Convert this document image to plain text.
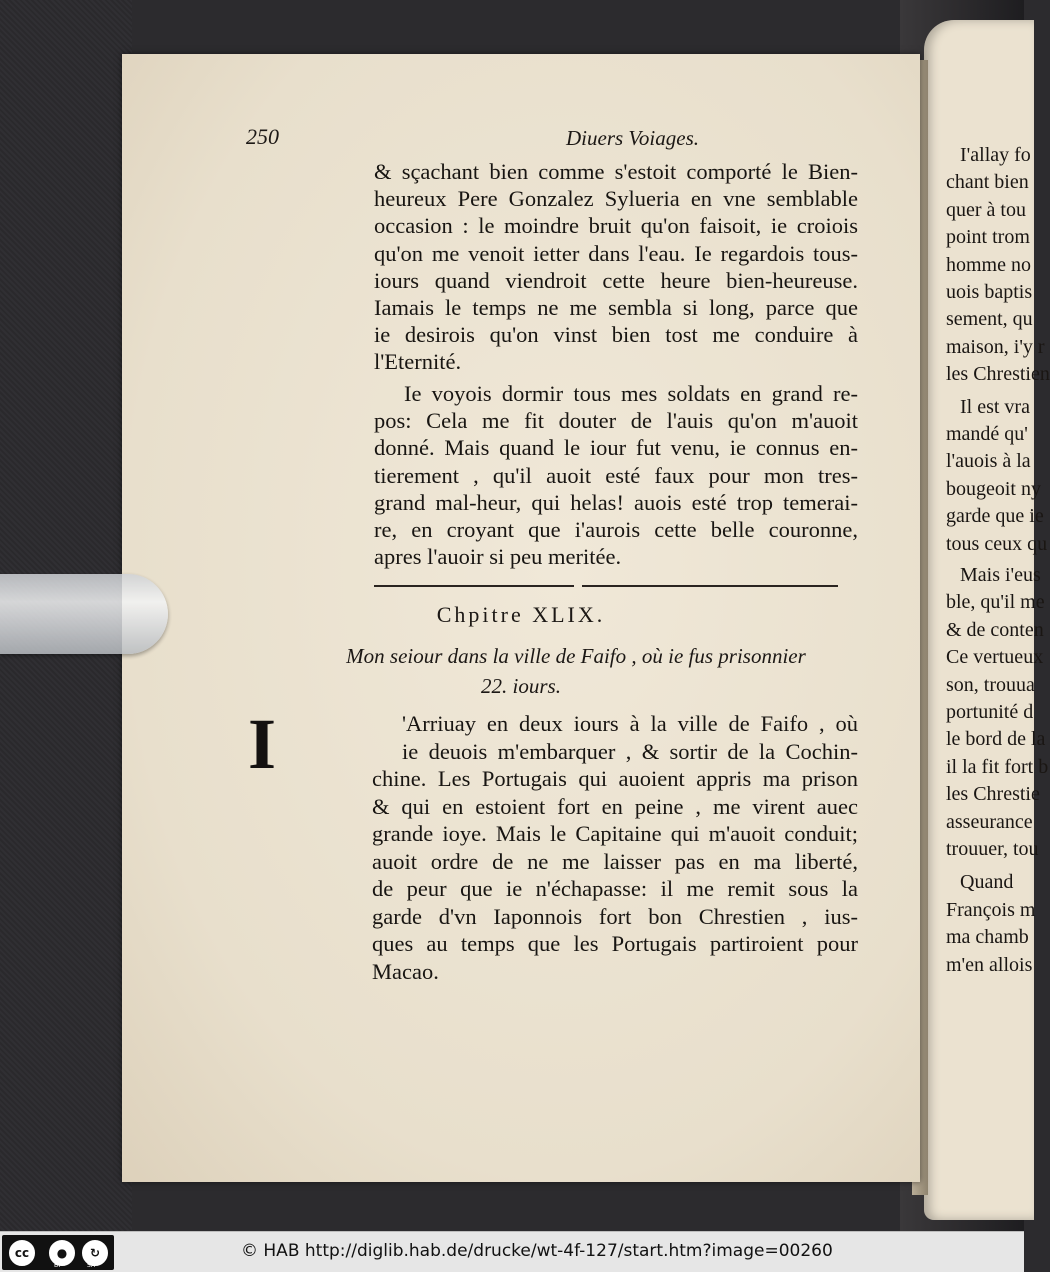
I'allay fo
chant bien
quer à tou
point trom
homme no
uois baptis
sement, qu
maison, i'y r
les Chrestien
Il est vra
mandé qu'
l'auois à la
bougeoit ny
garde que ie
tous ceux qu
Mais i'eus
ble, qu'il me
& de conten
Ce vertueux
son, trouua
portunité d
le bord de la
il la fit fort b
les Chrestie
asseurance
trouuer, tou
Quand
François m
ma chamb
m'en allois
250	Diuers Voiages.
& sçachant bien comme s'estoit comporté le Bien-
heureux Pere Gonzalez Sylueria en vne semblable
occasion : le moindre bruit qu'on faisoit, ie croiois
qu'on me venoit ietter dans l'eau. Ie regardois tous-
iours quand viendroit cette heure bien-heureuse.
Iamais le temps ne me sembla si long, parce que
ie desirois qu'on vinst bien tost me conduire à
l'Eternité.
Ie voyois dormir tous mes soldats en grand re-
pos: Cela me fit douter de l'auis qu'on m'auoit
donné. Mais quand le iour fut venu, ie connus en-
tierement , qu'il auoit esté faux pour mon tres-
grand mal-heur, qui helas! auois esté trop temerai-
re, en croyant que i'aurois cette belle couronne,
apres l'auoir si peu meritée.
Chpitre XLIX.
Mon seiour dans la ville de Faifo , où ie fus prisonnier
22. iours.
I	'Arriuay en deux iours à la ville de Faifo , où
ie deuois m'embarquer , & sortir de la Cochin-
chine. Les Portugais qui auoient appris ma prison
& qui en estoient fort en peine , me virent auec
grande ioye. Mais le Capitaine qui m'auoit conduit;
auoit ordre de ne me laisser pas en ma liberté,
de peur que ie n'échapasse: il me remit sous la
garde d'vn Iaponnois fort bon Chrestien , ius-
ques au temps que les Portugais partiroient pour
Macao.
cc	●	↻
BY	SA
© HAB http://diglib.hab.de/drucke/wt-4f-127/start.htm?image=00260
